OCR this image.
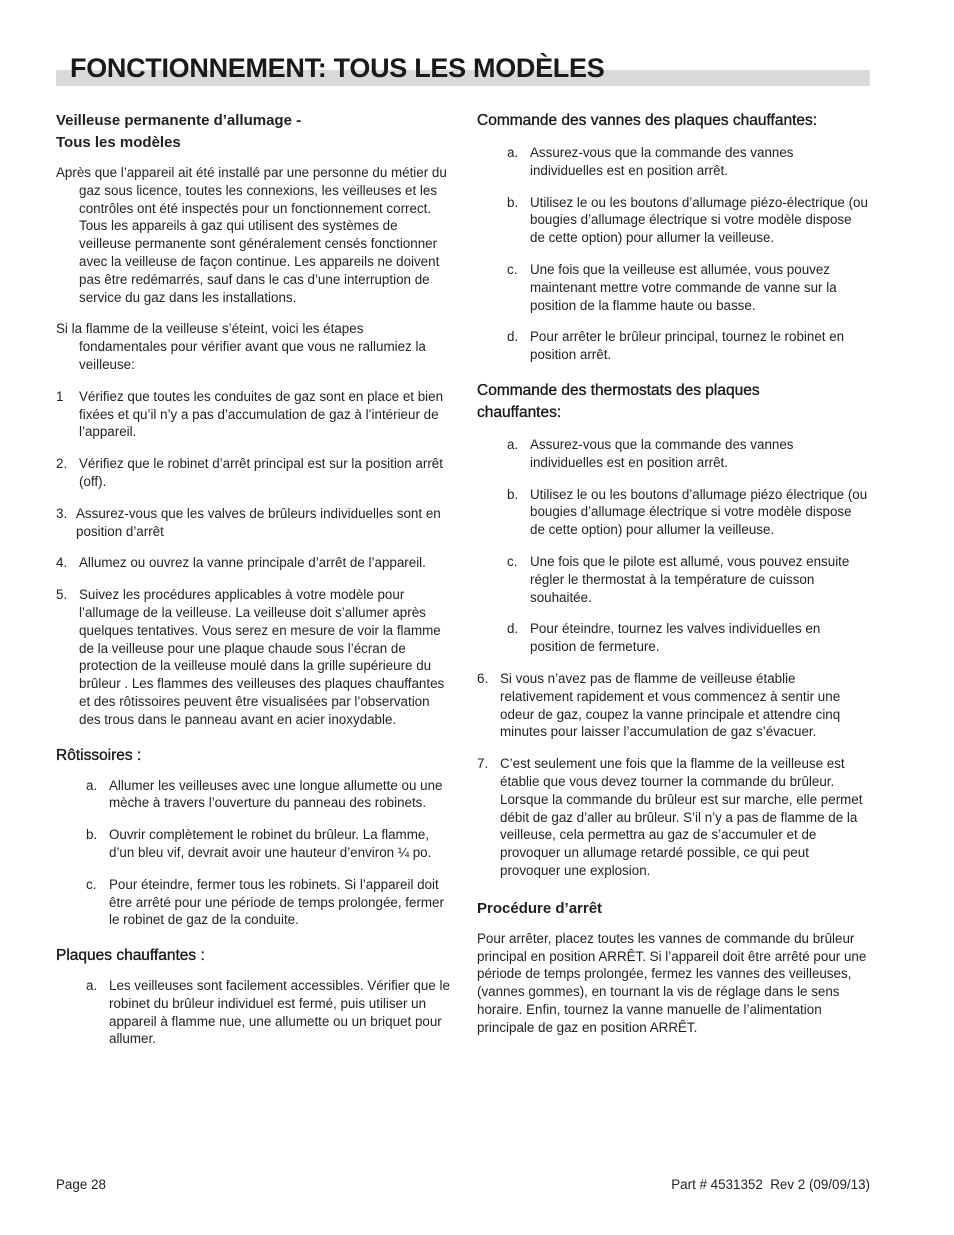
FONCTIONNEMENT: TOUS LES MODÈLES
Veilleuse permanente d’allumage -
Tous les modèles

Après que l’appareil ait été installé par une personne du métier du gaz sous licence, toutes les connexions, les veilleuses et les contrôles ont été inspectés pour un fonctionnement correct. Tous les appareils à gaz qui utilisent des systèmes de veilleuse permanente sont généralement censés fonctionner avec la veilleuse de façon continue. Les appareils ne doivent pas être redémarrés, sauf dans le cas d’une interruption de service du gaz dans les installations.

Si la flamme de la veilleuse s’éteint, voici les étapes fondamentales pour vérifier avant que vous ne rallumiez la veilleuse:

1	Vérifiez que toutes les conduites de gaz sont en place et bien fixées et qu’il n’y a pas d’accumulation de gaz à l’intérieur de l’appareil.
2. Vérifiez que le robinet d’arrêt principal est sur la position arrêt (off).
3. Assurez-vous que les valves de brûleurs individuelles sont en position d’arrêt
4. Allumez ou ouvrez la vanne principale d’arrêt de l’appareil.
5. Suivez les procédures applicables à votre modèle pour l’allumage de la veilleuse. La veilleuse doit s’allumer après quelques tentatives. Vous serez en mesure de voir la flamme de la veilleuse pour une plaque chaude sous l’écran de protection de la veilleuse moulé dans la grille supérieure du brûleur . Les flammes des veilleuses des plaques chauffantes et des rôtissoires peuvent être visualisées par l’observation des trous dans le panneau avant en acier inoxydable.
Rôtissoires :
a. Allumer les veilleuses avec une longue allumette ou une mèche à travers l’ouverture du panneau des robinets.
b. Ouvrir complètement le robinet du brûleur. La flamme, d’un bleu vif, devrait avoir une hauteur d’environ ¼ po.
c. Pour éteindre, fermer tous les robinets. Si l’appareil doit être arrêté pour une période de temps prolongée, fermer le robinet de gaz de la conduite.
Plaques chauffantes :
a. Les veilleuses sont facilement accessibles. Vérifier que le robinet du brûleur individuel est fermé, puis utiliser un appareil à flamme nue, une allumette ou un briquet pour allumer.
Commande des vannes des plaques chauffantes:
a. Assurez-vous que la commande des vannes individuelles est en position arrêt.
b. Utilisez le ou les boutons d’allumage piézo-électrique (ou bougies d’allumage électrique si votre modèle dispose de cette option) pour allumer la veilleuse.
c. Une fois que la veilleuse est allumée, vous pouvez maintenant mettre votre commande de vanne sur la position de la flamme haute ou basse.
d. Pour arrêter le brûleur principal, tournez le robinet en position arrêt.
Commande des thermostats des plaques
chauffantes:
a. Assurez-vous que la commande des vannes individuelles est en position arrêt.
b. Utilisez le ou les boutons d’allumage piézo électrique (ou bougies d’allumage électrique si votre modèle dispose de cette option) pour allumer la veilleuse.
c. Une fois que le pilote est allumé, vous pouvez ensuite régler le thermostat à la température de cuisson souhaitée.
d. Pour éteindre, tournez les valves individuelles en position de fermeture.
6. Si vous n’avez pas de flamme de veilleuse établie relativement rapidement et vous commencez à sentir une odeur de gaz, coupez la vanne principale et attendre cinq minutes pour laisser l’accumulation de gaz s’évacuer.
7. C’est seulement une fois que la flamme de la veilleuse est établie que vous devez tourner la commande du brûleur. Lorsque la commande du brûleur est sur marche, elle permet débit de gaz d’aller au brûleur. S’il n’y a pas de flamme de la veilleuse, cela permettra au gaz de s’accumuler et de provoquer un allumage retardé possible, ce qui peut provoquer une explosion.
Procédure d’arrêt

Pour arrêter, placez toutes les vannes de commande du brûleur principal en position ARRÊT. Si l’appareil doit être arrêté pour une période de temps prolongée, fermez les vannes des veilleuses, (vannes gommes), en tournant la vis de réglage dans le sens horaire. Enfin, tournez la vanne manuelle de l’alimentation principale de gaz en position ARRÊT.

Page 28	Part # 4531352  Rev 2 (09/09/13)
